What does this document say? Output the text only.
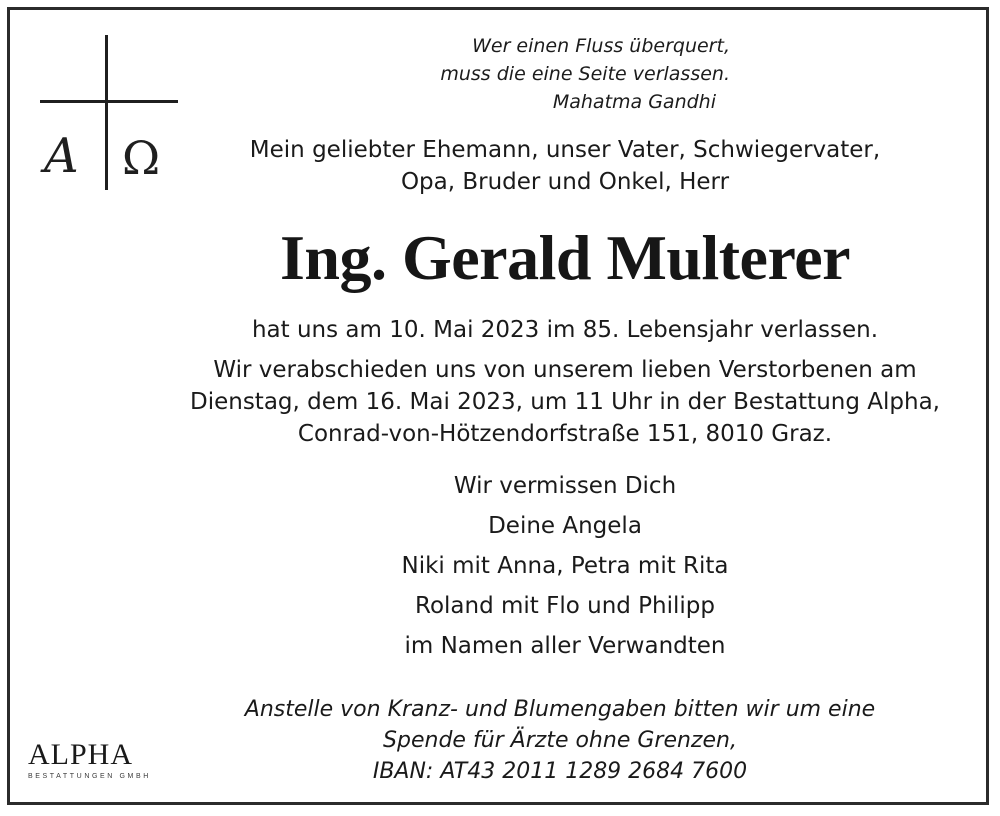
Wer einen Fluss überquert,
muss die eine Seite verlassen.
Mahatma Gandhi
A Ω	Mein geliebter Ehemann, unser Vater, Schwiegervater,
Opa, Bruder und Onkel, Herr
Ing. Gerald Multerer
hat uns am 10. Mai 2023 im 85. Lebensjahr verlassen.
Wir verabschieden uns von unserem lieben Verstorbenen am
Dienstag, dem 16. Mai 2023, um 11 Uhr in der Bestattung Alpha,
Conrad-von-Hötzendorfstraße 151, 8010 Graz.
Wir vermissen Dich
Deine Angela
Niki mit Anna, Petra mit Rita
Roland mit Flo und Philipp
im Namen aller Verwandten
Anstelle von Kranz- und Blumengaben bitten wir um eine
Spende für Ärzte ohne Grenzen,
IBAN: AT43 2011 1289 2684 7600
ALPHA
BESTATTUNGEN GMBH
